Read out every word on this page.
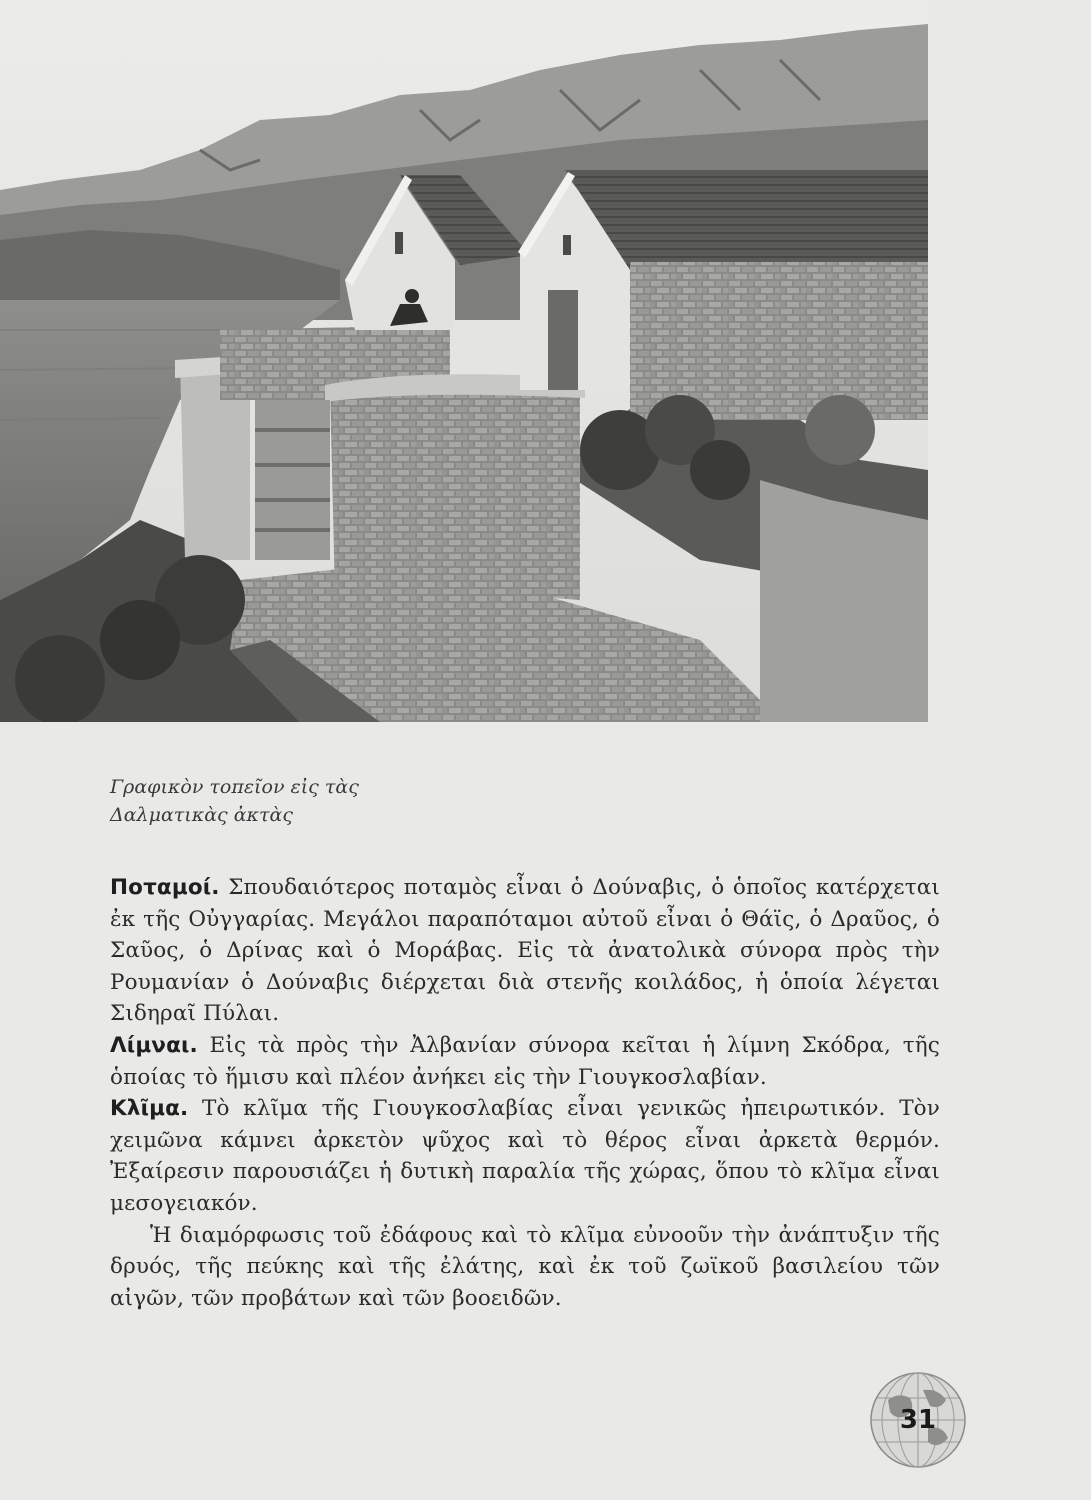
Γραφικὸν τοπεῖον εἰς τὰς
Δαλματικὰς ἀκτὰς

Ποταμοί. Σπουδαιότερος ποταμὸς εἶναι ὁ Δούναβις, ὁ ὁποῖος κατέρχεται ἐκ τῆς Οὐγγαρίας. Μεγάλοι παραπόταμοι αὐτοῦ εἶναι ὁ Θάϊς, ὁ Δραῦος, ὁ Σαῦος, ὁ Δρίνας καὶ ὁ Μοράβας. Εἰς τὰ ἀνατολικὰ σύνορα πρὸς τὴν Ρουμανίαν ὁ Δούναβις διέρχεται διὰ στενῆς κοιλάδος, ἡ ὁποία λέγεται Σιδηραῖ Πύλαι.

Λίμναι. Εἰς τὰ πρὸς τὴν Ἀλβανίαν σύνορα κεῖται ἡ λίμνη Σκόδρα, τῆς ὁποίας τὸ ἥμισυ καὶ πλέον ἀνήκει εἰς τὴν Γιουγκοσλαβίαν.

Κλῖμα. Τὸ κλῖμα τῆς Γιουγκοσλαβίας εἶναι γενικῶς ἠπειρωτικόν. Τὸν χειμῶνα κάμνει ἀρκετὸν ψῦχος καὶ τὸ θέρος εἶναι ἀρκετὰ θερμόν. Ἐξαίρεσιν παρουσιάζει ἡ δυτικὴ παραλία τῆς χώρας, ὅπου τὸ κλῖμα εἶναι μεσογειακόν.

Ἡ διαμόρφωσις τοῦ ἐδάφους καὶ τὸ κλῖμα εὐνοοῦν τὴν ἀνάπτυξιν τῆς δρυός, τῆς πεύκης καὶ τῆς ἐλάτης, καὶ ἐκ τοῦ ζωϊκοῦ βασιλείου τῶν αἰγῶν, τῶν προβάτων καὶ τῶν βοοειδῶν.

31
